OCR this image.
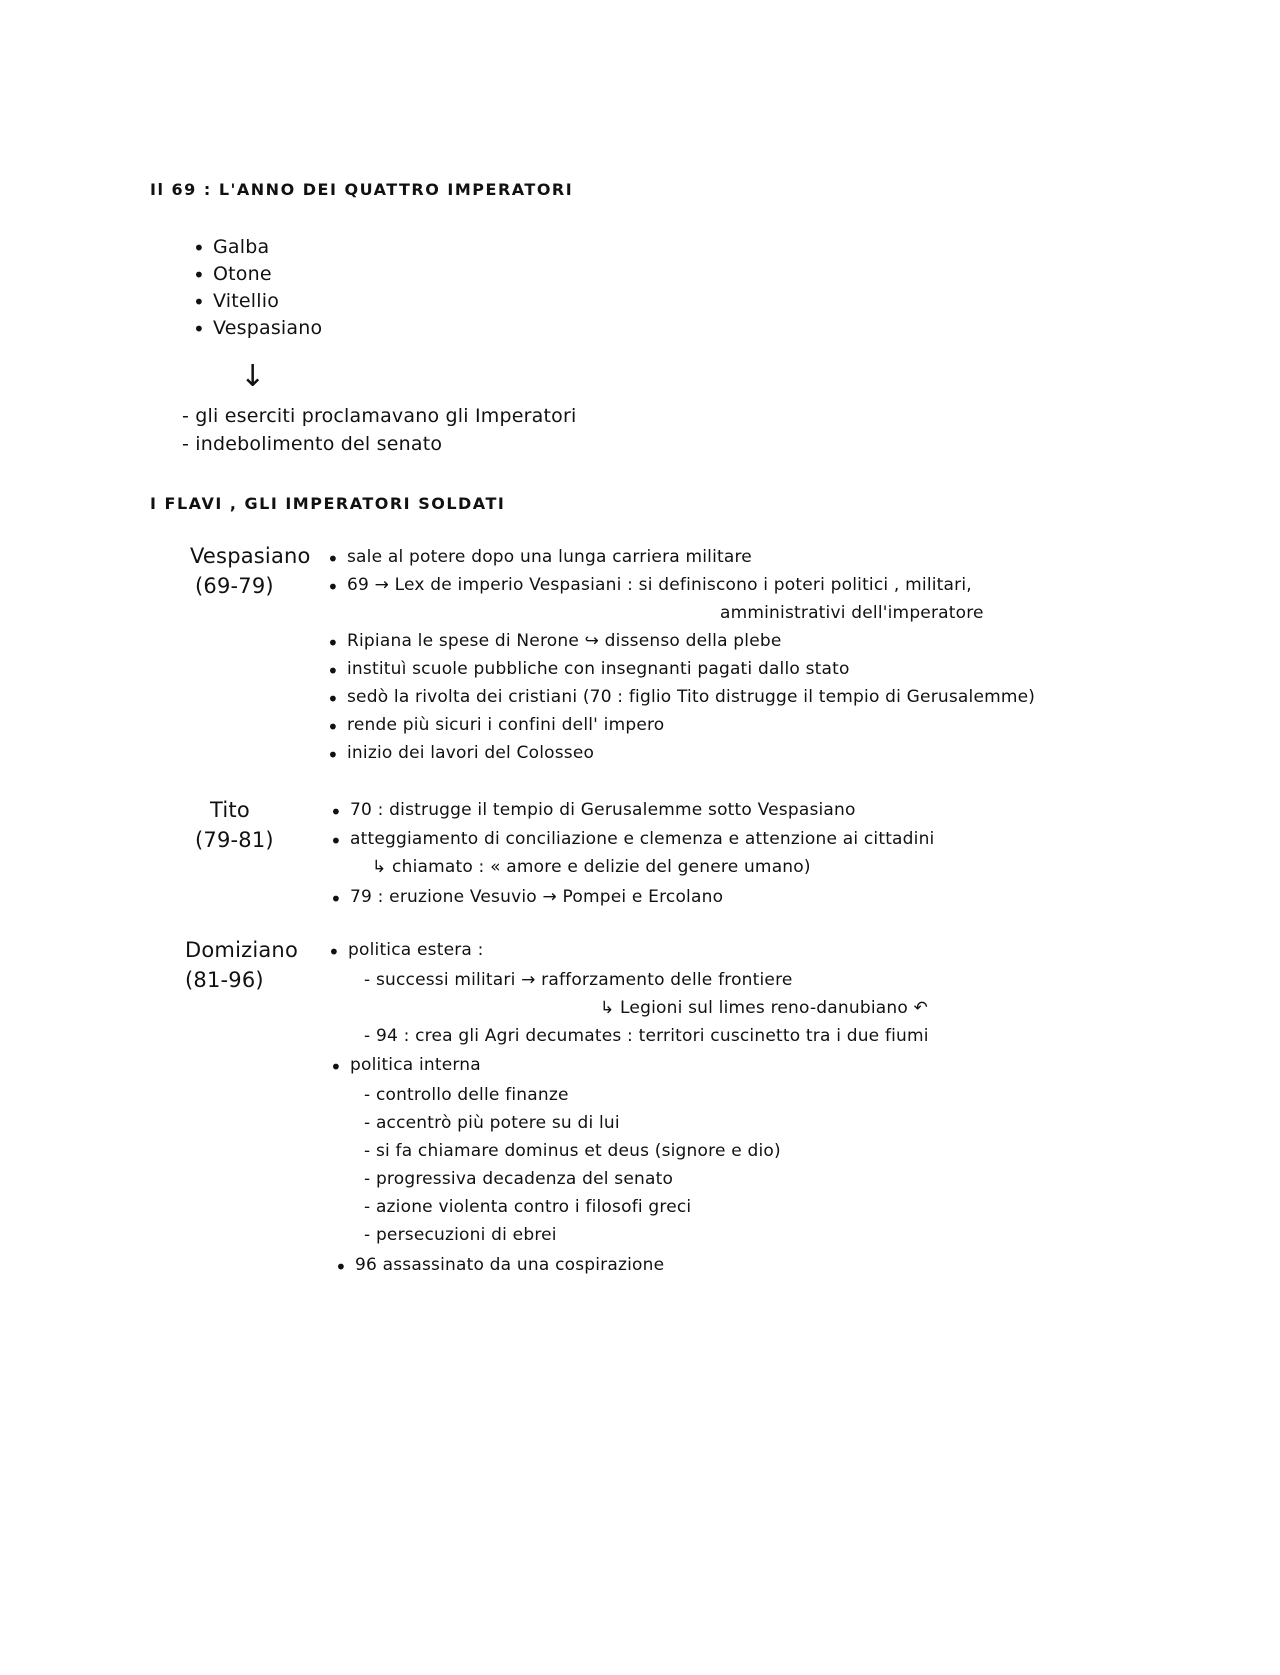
Il 69 : L'ANNO DEI QUATTRO IMPERATORI
• Galba
• Otone
• Vitellio
• Vespasiano
↓
- gli eserciti proclamavano gli Imperatori
- indebolimento del senato
I FLAVI , GLI IMPERATORI SOLDATI
Vespasiano
(69-79)
• sale al potere dopo una lunga carriera militare
• 69 → Lex de imperio Vespasiani : si definiscono i poteri politici , militari,
amministrativi dell'imperatore
• Ripiana le spese di Nerone ↪ dissenso della plebe
• instituì scuole pubbliche con insegnanti pagati dallo stato
• sedò la rivolta dei cristiani (70 : figlio Tito distrugge il tempio di Gerusalemme)
• rende più sicuri i confini dell' impero
• inizio dei lavori del Colosseo
Tito
(79-81)
• 70 : distrugge il tempio di Gerusalemme sotto Vespasiano
• atteggiamento di conciliazione e clemenza e attenzione ai cittadini
↳ chiamato : « amore e delizie del genere umano)
• 79 : eruzione Vesuvio → Pompei e Ercolano
Domiziano
(81-96)
• politica estera :
- successi militari → rafforzamento delle frontiere
↳ Legioni sul limes reno-danubiano ↶
- 94 : crea gli Agri decumates : territori cuscinetto tra i due fiumi
• politica interna
- controllo delle finanze
- accentrò più potere su di lui
- si fa chiamare dominus et deus (signore e dio)
- progressiva decadenza del senato
- azione violenta contro i filosofi greci
- persecuzioni di ebrei
• 96 assassinato da una cospirazione
